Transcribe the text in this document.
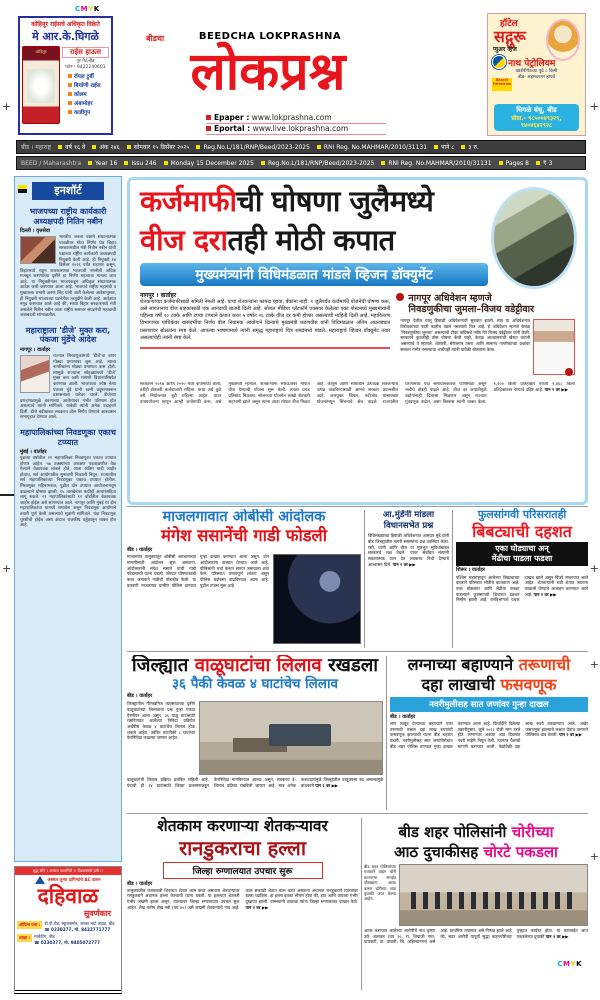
CMYK
CMYK
+	+
+	+
+
+
कोहिनूर राईसचे अधिकृत विक्रेते
मे आर.के.घिगळे
कोहिनूर	राईस हाऊस
नूर गेट,बीड
फोन : 9422240601
रॉयल टुर्बी
बिर्याणी राईस
कोलम
अंबामोहर
काडीगुप
बीडचा	BEEDCHA LOKPRASHNA
लोकप्रश्न
Epaper : www.lokprashna.com
Eportal : www.live.lokprashna.com
हॉटेल
सद्गुरू
प्युअर व्हेज
नाथ पेट्रोलियम
वडशेरीपेठच्या पुढे ८ किमी
बीड- अहमदनगर हायवे
Bharat Petroleum
घिगळे बंधू, बीड
प्रोप्रा.- ९८५००४९३२९,
९४०४६४२९२८
बीड । महाराष्ट्र	वर्ष १६ वे	अंक २४६	सोमवार १५ डिसेंबर २०२५	Reg.No.L/181/RNP/Beed/2023-2025	RNI Reg. No.MAHMAR/2010/31131	पाने ८	३ रु.
BEED / Maharashtra	Year 16	Issu 246	Monday 15 December 2025	Reg.No.L/181/RNP/Beed/2023-2025	RNI Reg. No.MAHMAR/2010/31131	Pages 8	₹ 3
इनशॉर्ट
भाजपच्या राष्ट्रीय कार्यकारी अध्यक्षपदी नितिन नबीन
दिल्ली । वृत्तसेवा
भारतीय जनता पक्षाने संघटनात्मक पातळीवर मोठा निर्णय घेत बिहार सरकारमधील मंत्री नितीन नबीन यांची पक्षाच्या राष्ट्रीय कार्यकारी अध्यक्षपदी नियुक्ती केली आहे. ही नियुक्ती १४ डिसेंबर २०२६ पर्यंत राहणार असून, बिहारमध्ये राहून राजकारणात भाजपची रणनीती अधिक मजबूत करण्याच्या दृष्टीने हा निर्णय महत्वाचा मानला जात आहे. या नियुक्तीनंतर भाजपकडून अधिकृत संघटनात्मक आदेश जारी करण्यात आला आहे. भाजपचे राष्ट्रीय महामंत्री व मुख्यालय प्रभारी अरुण सिंह यांनी जारी केलेल्या आदेशानुसार, ही नियुक्ती भाजपच्या घटनेतील तरतुदीने केली आहे. आदेशात नमूद करण्यात आले आहे की, सध्या बिहार सरकारमध्ये मंत्री असलेले नितीन नबीन आता राष्ट्रीय स्तरावर संघटनेची महत्वाची जबाबदारी सांभाळतील.
महाराष्ट्राला 'डीजे' मुक्त करा, पंकजा मुंडेंचे आदेश
नागपूर । वार्ताहर
राज्यात मिरवणुकांमध्ये 'डीजे'चा वापर मोठ्या प्रमाणावर सुरू आहे. त्याचा नागरिकांना मोठ्या प्रमाणात त्रास होतो. त्यामुळे राज्याला सोहळ्यांमध्ये 'डीजे' मुक्त करा अशी मागणी विधानपरिषदेत करण्यात आली. भाजपच्या ज्येष्ठ नेत्या पंकजा मुंडे यांनी ध्वनी प्रदूषणावरून प्रशासनाला धारेवर धरले. डीजेच्या दणदणाटामुळे तरुणांच्या आरोग्यावर गंभीर परिणाम होत असल्याचे त्यांनी सांगितले. यावेळी त्यांनी अनेक उदाहरणे दिली. डीजे बंदीबाबत लवकरच ठोस निर्णय घेण्याचे आश्वासन सभागृहात देण्यात आले.
महापालिकांच्या निवडणूका एकाच टप्प्यात
मुंबई । वार्ताहर
पुढच्या वर्षातील २१ महापालिका निवडणूका एकाच टप्प्यात होणार आहेत. ५७ टक्क्यांच्या आरक्षण पडताळणीत वेळ गेल्याने वेळापत्रक लांबले होते, आता अंतिम यादी जाहीर होताच, सर्व आयोगातील सुनावणी निकाली निघून, राज्यातील सर्व महापालिकांच्या निवडणूका एकाच टप्प्यात होतील. मिरवणुका महिनाभरात, पुढील दोन टप्प्यांत आयोजनामधून वाढल्याने घोषणा झाली. १५ तारखेनंतर कधीही आचारसंहिता लागू शकते. २१ महापालिकांसाठी १२ वॉर्डांतील वेळापत्रक जाहीर होईल असे सांगण्यात आले. नागपूर आणि मुंबई या दोन महापालिकांचा यामध्ये समावेश असून निवडणूक आयोगाने तयारी पूर्ण केली असल्याचे सूत्रांनी सांगितले. यंदा निवडणूक चुरशीची होईल असा अंदाज राजकीय वर्तुळातून व्यक्त होत आहे.
शुद्ध सोने ! अस्सल कारागिरी !! विश्वासाची हमी !!
अस्सल जुन्या दागिन्यांचे AC दालन
दहिवाळ
सुवर्णकार
ऑफिस पत्ता : डी.पी.रोड, स्कूलसमोर, जरका मार्ट जवळ, बीड
☎ 0230377, मो. 8432771777
शाखा : मार्केटिंग, बीड
☎ 0230377, मो. 9405072777
कर्जमाफीची घोषणा जुलैमध्ये
वीज दरातही मोठी कपात
मुख्यमंत्र्यांनी विधिमंडळात मांडले व्हिजन डॉक्युमेंट
नागपूर । वार्ताहर
शेतकऱ्यांच्या कर्जमाफीसाठी समिती नेमली आहे. याचा शेतकऱ्यांना फायदा व्हावा, बँकांना नाही. १ जुलैपर्यंत कर्जमाफी योजनेची घोषणा करू, असे सांगतानाच वीज ग्राहकांसाठी एक आनंदाची बातमी दिली आहे. सोशल मीडिया प्लॅटफॉर्म एक्सवर केलेल्या एका पोस्टमध्ये मुख्यमंत्र्यांनी पहिल्या वर्षी १० टक्के आणि टप्प्या टप्प्याने कपात करत ५ वर्षात २६ टक्के वीज दर कमी होणार असल्याची माहिती दिली आहे. महावितरण विभागाच्या याचिकेवर यासंदर्भीचा निर्णय वीज नियामक आयोगाने दिल्याचे मुख्यमंत्री फडणवीस यांनी विधिमंडळात अंतिम आठवड्यात प्रस्तावावर बोलतांना स्पष्ट केले. आपल्या भाषणामध्ये त्यांनी समृद्ध महाराष्ट्राचे चित्र शब्दांमध्ये मांडले. महाराष्ट्राचे व्हिजन डॉक्युमेंट तयार असल्याचेही त्यांनी स्पष्ट केले.
नागपूर अधिवेशन म्हणजे
निवडणुकीचा जुमला–विजय वडेट्टीवार
नागपूर येथील चालू हिवाळी अधिवेशनाची सुरुवात झाली, मात्र या अधिवेशनात विरोधकांच्या पदरी काहीच पडले नसल्याचे चित्र आहे. हे अधिवेशन म्हणजे केवळ 'निवडणुकीचा जुमला' असल्याची टीका काँग्रेसचे ज्येष्ठ नेते विजय वडेट्टीवार यांनी केली. सरकारने कुठलीही ठोस घोषणा केली नाही, केवळ आश्वासनांची खैरात वाटली असल्याचे ते म्हणाले. शेतकरी, बेरोजगार तरुण आणि सामान्य नागरिकांच्या प्रश्नांवर सरकार गंभीर नसल्याचा आरोपही त्यांनी यावेळी बोलताना केला.
सरकारने २०१७ आणि २०२० मध्ये कर्जमाफी केली, तरीही शेतकरी कर्जबाजारी राहिला. याचा अर्थ कुठे तरी नियोजनात त्रुटी राहिल्या आहेत. यावर उपाययोजना म्हणून आम्ही कर्जमाफी करू, असे मुख्यमंत्री म्हणाले. शेतकऱ्यांना सौरऊर्जेवर मोफत वीज देण्याची योजना सुरू केली. त्याला प्रचंड प्रतिसाद मिळाला. सोलरच्या योजनेत लाखो शेतकरी सहभागी झाले असून त्यांना आता मोफत वीज मिळत आहे. कापूस आणि सोयाबीन उत्पादक शेतकऱ्यांचे उत्पन्न वाढविण्यासाठी आमचे सरकार प्रयत्नशील आहे. जलयुक्त शिवार, नदीजोड यांसारख्या योजनांमधून सिंचनाचे क्षेत्र वाढले. राज्यातील धरणांमध्ये यंदा समाधानकारक पाणीसाठा असून रब्बीचे क्षेत्रही वाढले आहे. वीज दर कपातीमुळे उद्योगांनाही दिलासा मिळणार असून राज्यात गुंतवणूक वाढेल, असा विश्वास त्यांनी व्यक्त केला. १,२०० किलो प्रतिहेक्टर ऐवजी २,४६८ किलो प्रतिहेक्टरवर नेण्याचे उद्दिष्ट आहे. पान २ वर ▶▶
माजलगावात ओबीसी आंदोलक
मंगेश ससानेंची गाडी फोडली
बीड । वार्ताहर
माजलगाव तालुक्यातून ओबीसी आरक्षणाच्या मागणीसाठी आंदोलन सुरू असताना, आंदोलकांनी मंगेश ससाने यांची गाडी फोडल्याची घटना घडली. जोरदार घोषणाबाजी करत जमावाने गाडीची तोडफोड केली. या प्रकरणी माजलगाव ग्रामीण पोलिस ठाण्यात गुन्हा दाखल करण्यात आला असून, दोन आंदोलकांना ताब्यात घेण्यात आले आहे. पोलिसांनी चर्चा करून संतप्त जमावाला शांत केले. परिसरात तणावपूर्ण शांतता असून पोलिस बंदोबस्त वाढविण्यात आला आहे. पुढील तपास सुरू आहे.
आ.मुंडेंनी मांडला विधानसभेत प्रश्न
विधिमंडळाच्या हिवाळी अधिवेशनात आमदार मुंडे यांनी बीड जिल्ह्यातील नागरी समस्यांचा प्रश्न उपस्थित केला. रस्ते, पाणी आणि वीज या मूलभूत सुविधांबाबत सरकारचे लक्ष वेधले. यावर संबंधित मंत्र्यांनी सकारात्मक उत्तर देत लवकरच निधी देण्याचे आश्वासन दिले. पान २ वर ▶▶
फुलसांगवी परिसरातही
बिबट्याची दहशत
एका घोड्याचा अन्
मेंढीचा पाडला फडशा
शिरूर । वार्ताहर
पश्चिम महाराष्ट्रातून आलेल्या बिबट्याच्या वावराने परिसरात भीतीचे वातावरण आहे. एका घोड्याचा आणि मेंढीचा फडशा पाडल्याने फुलसांगवी शिवारात दहशत निर्माण झाली आहे. वनविभागाचे पथक दाखल झाले असून पिंजरे लावण्यात आले आहेत. शेतकऱ्यांनी रात्री शेतात जाताना काळजी घेण्याचे आवाहन करण्यात आले आहे. पान २ वर ▶▶
जिल्ह्यात वाळूघाटांचा लिलाव रखडला
३६ पैकी केवळ ४ घाटांचेच लिलाव
बीड । वार्ताहर
जिल्ह्यातील गौणखनिज व्यवसायाच्या दृष्टीने वाळूघाटांच्या लिलावाचा प्रश्न पुन्हा एकदा ऐरणीवर आला असून, ३६ वाळू घाटांसाठी राबविण्यात आलेल्या निविदा प्रक्रियेत अखेरीस केवळ ४ घाटांचेच लिलाव होऊ शकले आहेत. उर्वरित घाटांपैकी ८ घाटांच्या फेरनिविदा काढल्या जाणार आहेत.
वाळूघाटांची लिलाव प्रक्रिया प्रलंबित राहिली आहे. यंदाची ही २४ घाटांसाठी जिल्हा प्रशासनाकडून फेरनिविदा मागविण्यात आल्या असून, लवकरच ई-लिलाव प्रक्रिया राबविली जाणार आहे. मात्र अनेक कंत्राटदारांमुळे जिल्ह्यातील वाळूउपसा बंद असल्यामुळे बांधकामे पान २ वर ▶▶
लग्नाच्या बहाण्याने तरूणाची
दहा लाखाची फसवणूक
नवरीमुलीसह सात जणांवर गुन्हा दाखल
बीड । वार्ताहर
लग्न लावून देण्याच्या बहाण्याने एका तरुणाची तब्बल दहा लाख रुपयांची फसवणूक झाल्याची घटना बीड शहरात घडली. नवरीमुलीसह सात जणांविरोधात बीड शहर पोलिस ठाण्यात गुन्हा दाखल करण्यात आला आहे. फिर्यादीने दिलेल्या तक्रारीनुसार, जुलै २०२२ रोजी लग्न ठरले होते. लग्नानंतर अवघ्या आठ दिवसांत नवरी माहेरी निघून गेली. त्यानंतर पैशांची मागणी करण्यात आली. वेळोवेळी दहा लाख रुपये उकळण्यात आले. अखेर फसवणूक झाल्याचे लक्षात येताच तरुणाने पोलिसात धाव घेतली. पान २ वर ▶▶
शेतकाम करणाऱ्या शेतकऱ्यावर
रानडुकराचा हल्ला
जिल्हा रुग्णालयात उपचार सुरू
बीड । वार्ताहर
तालुक्यातील वंजारवाडी शिवारात शेतात काम करत असताना शेतकऱ्यावर रानडुकराने अचानक हल्ला केल्याची घटना घडली. या हल्ल्यात शेतकरी गंभीर जखमी झाला असून, त्याच्यावर जिल्हा रुग्णालयात उपचार सुरू आहेत. शेख करीम शेख नबी (वय ४५) असे जखमी शेतकऱ्याचे नाव आहे. काल सकाळी शेतात काम करत असताना अचानक रानडुकराने त्यांच्यावर हल्ला चढविला. हा हल्ला इतका भीषण होता की, हात आणि पायाला गंभीर दुखापत झाली. ग्रामस्थांनी तत्काळ त्यांना जिल्हा रुग्णालयात दाखल केले. पान २ वर ▶▶
बीड शहर पोलिसांनी चोरीच्या
आठ दुचाकीसह चोरटे पकडला
बीड शहर पोलिसांच्या पथकाने वाहन चोरी करणाऱ्या सराईत चोरट्यांना अटक करून चोरीच्या आठ दुचाकी जप्त केल्या आहेत.
अटक करण्यात आलेल्या आरोपीचे नाव कृष्णा उर्फ अंतरकर (वय २०, रा. शिवाजी नगर, पायवाटी, ता. पायली, जि. अहिल्यानगर) असे आहे. प्राथमिक तपासात असे निष्पन्न झाले आहे की, सदर आरोपी यापूर्वी सुद्धा वाहनचोरीच्या गुन्ह्यात कार्यरत होता. या कारवाईत जप्त पकडलेल्या दुचाकी पान २ वर ▶▶
